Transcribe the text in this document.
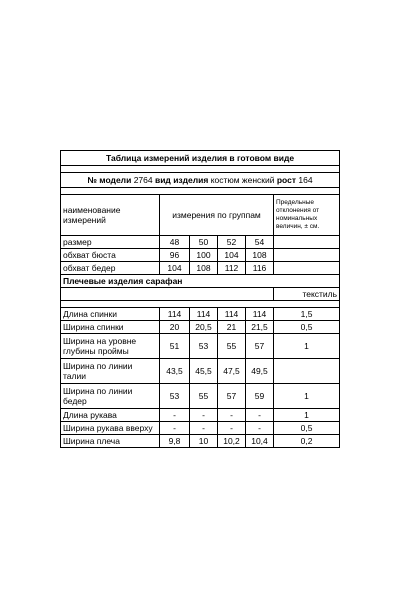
Таблица измерений изделия в готовом виде					

№ модели 2764 вид изделия костюм женский рост 164					

наименование измерений	измерения по группам				Предельные отклонения от номинальных величин, ± см.
размер	48	50	52	54	
обхват бюста	96	100	104	108	
обхват бедер	104	108	112	116	
Плечевые изделия сарафан					
					текстиль

Длина спинки	114	114	114	114	1,5
Ширина спинки	20	20,5	21	21,5	0,5
Ширина на уровне глубины проймы	51	53	55	57	1
Ширина по линии талии	43,5	45,5	47,5	49,5	
Ширина по линии бедер	53	55	57	59	1
Длина рукава	-	-	-	-	1
Ширина рукава вверху	-	-	-	-	0,5
Ширина плеча	9,8	10	10,2	10,4	0,2
